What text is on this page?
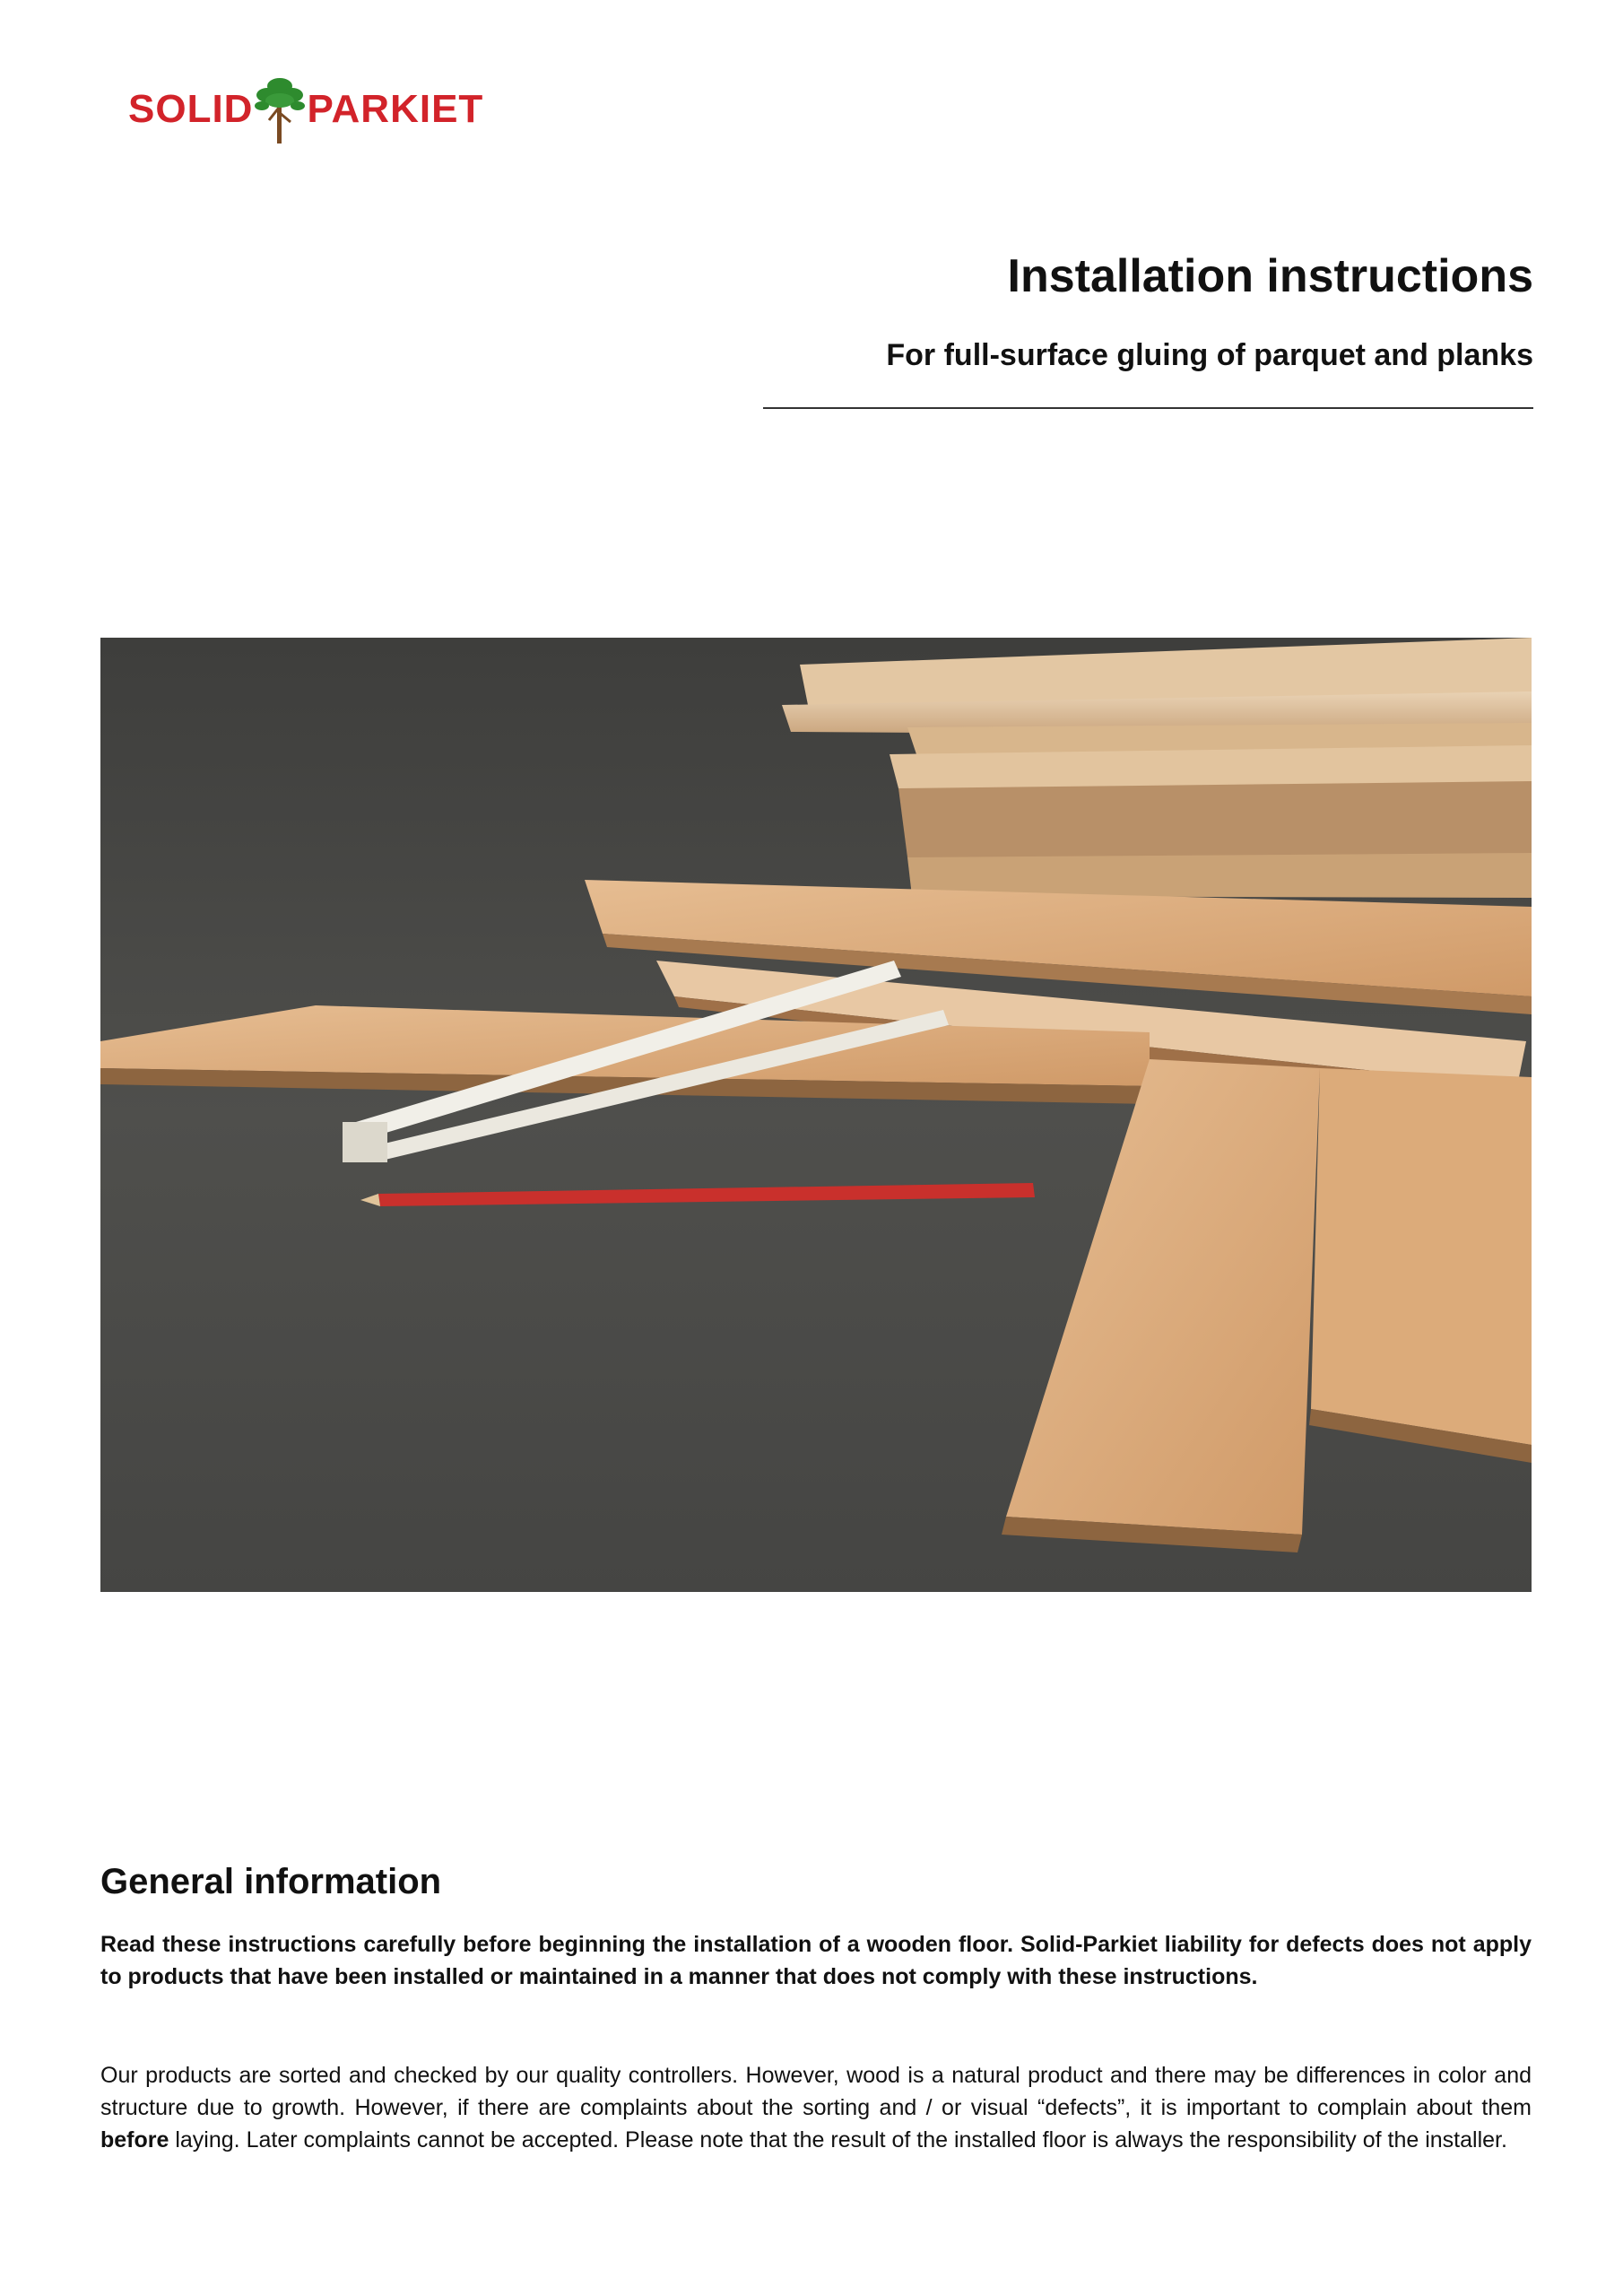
SOLID PARKIET
Installation instructions
For full-surface gluing of parquet and planks
General information

Read these instructions carefully before beginning the installation of a wooden floor. Solid-Parkiet liability for defects does not apply to products that have been installed or maintained in a manner that does not comply with these instructions.

Our products are sorted and checked by our quality controllers. However, wood is a natural product and there may be differences in color and structure due to growth. However, if there are complaints about the sorting and / or visual “defects”, it is important to complain about them before laying. Later complaints cannot be accepted. Please note that the result of the installed floor is always the responsibility of the installer.
